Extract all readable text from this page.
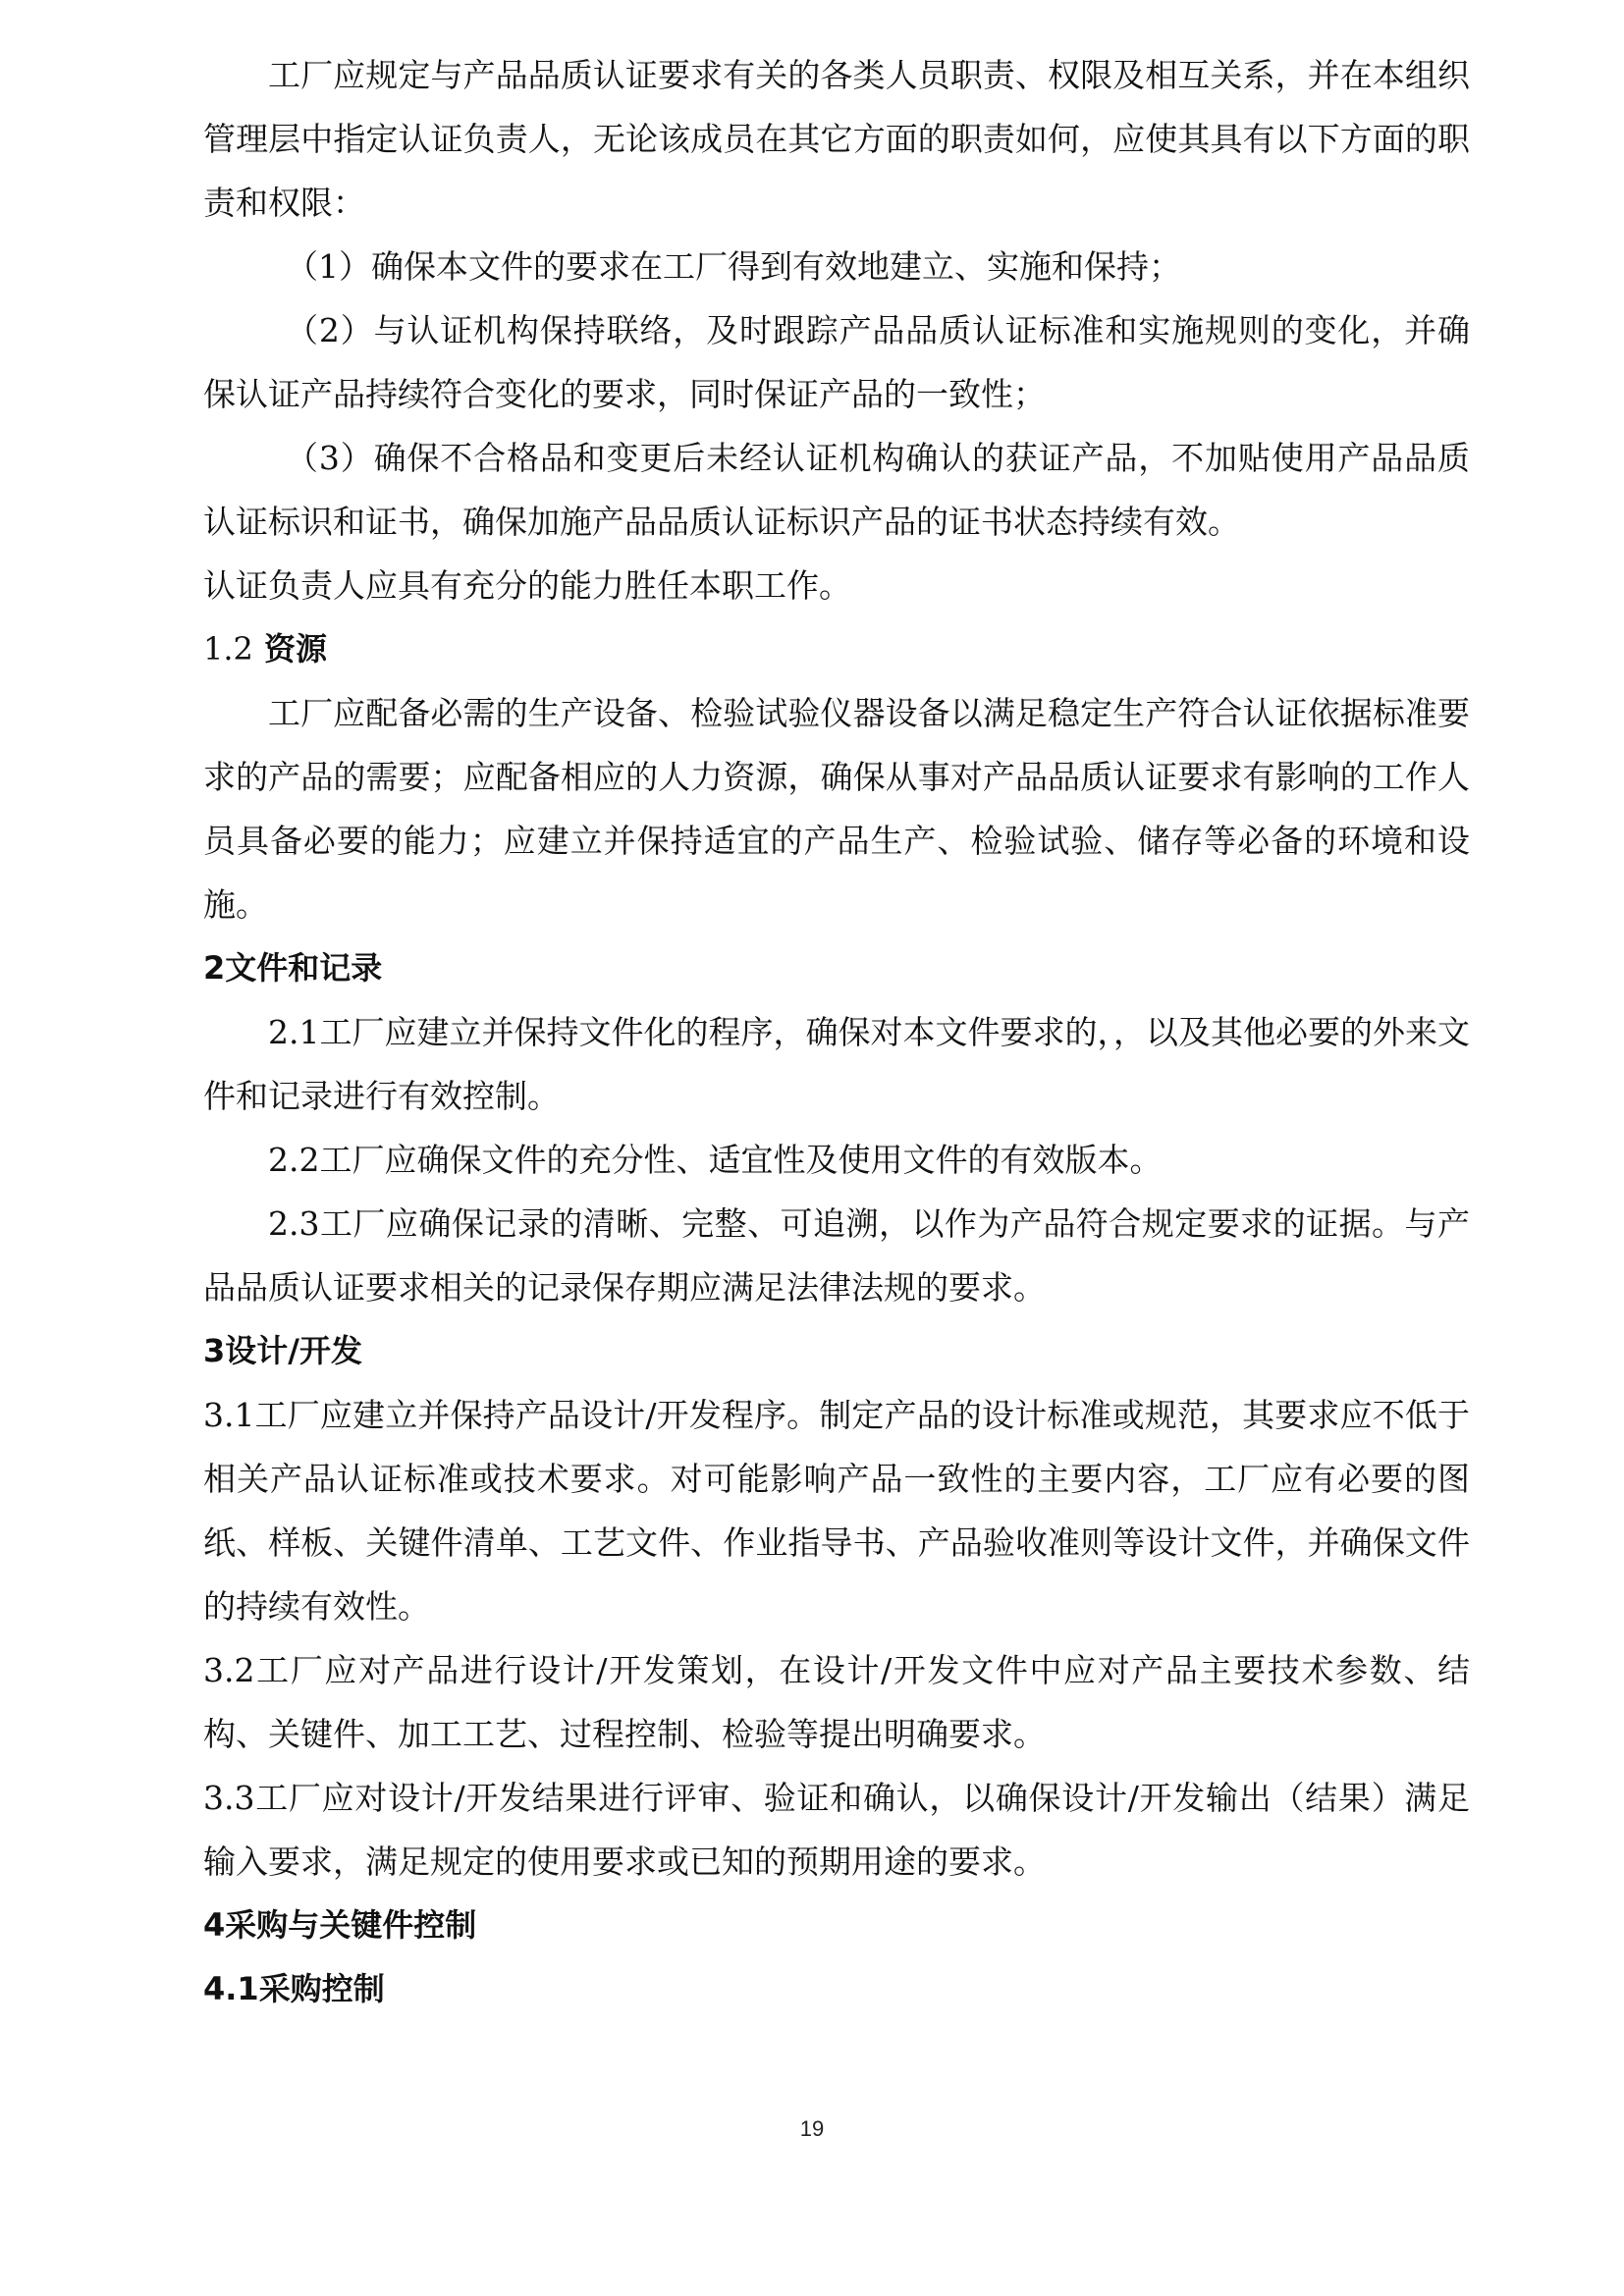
工厂应规定与产品品质认证要求有关的各类人员职责、权限及相互关系，并在本组织管理层中指定认证负责人，无论该成员在其它方面的职责如何，应使其具有以下方面的职责和权限：

（1）确保本文件的要求在工厂得到有效地建立、实施和保持；

（2）与认证机构保持联络，及时跟踪产品品质认证标准和实施规则的变化，并确保认证产品持续符合变化的要求，同时保证产品的一致性；

（3）确保不合格品和变更后未经认证机构确认的获证产品，不加贴使用产品品质认证标识和证书，确保加施产品品质认证标识产品的证书状态持续有效。

认证负责人应具有充分的能力胜任本职工作。

1.2 资源

工厂应配备必需的生产设备、检验试验仪器设备以满足稳定生产符合认证依据标准要求的产品的需要；应配备相应的人力资源，确保从事对产品品质认证要求有影响的工作人员具备必要的能力；应建立并保持适宜的产品生产、检验试验、储存等必备的环境和设施。

2文件和记录

2.1工厂应建立并保持文件化的程序，确保对本文件要求的，，以及其他必要的外来文件和记录进行有效控制。

2.2工厂应确保文件的充分性、适宜性及使用文件的有效版本。

2.3工厂应确保记录的清晰、完整、可追溯，以作为产品符合规定要求的证据。与产品品质认证要求相关的记录保存期应满足法律法规的要求。

3设计/开发

3.1工厂应建立并保持产品设计/开发程序。制定产品的设计标准或规范，其要求应不低于相关产品认证标准或技术要求。对可能影响产品一致性的主要内容，工厂应有必要的图纸、样板、关键件清单、工艺文件、作业指导书、产品验收准则等设计文件，并确保文件的持续有效性。

3.2工厂应对产品进行设计/开发策划，在设计/开发文件中应对产品主要技术参数、结构、关键件、加工工艺、过程控制、检验等提出明确要求。

3.3工厂应对设计/开发结果进行评审、验证和确认，以确保设计/开发输出（结果）满足输入要求，满足规定的使用要求或已知的预期用途的要求。

4采购与关键件控制

4.1采购控制

19
